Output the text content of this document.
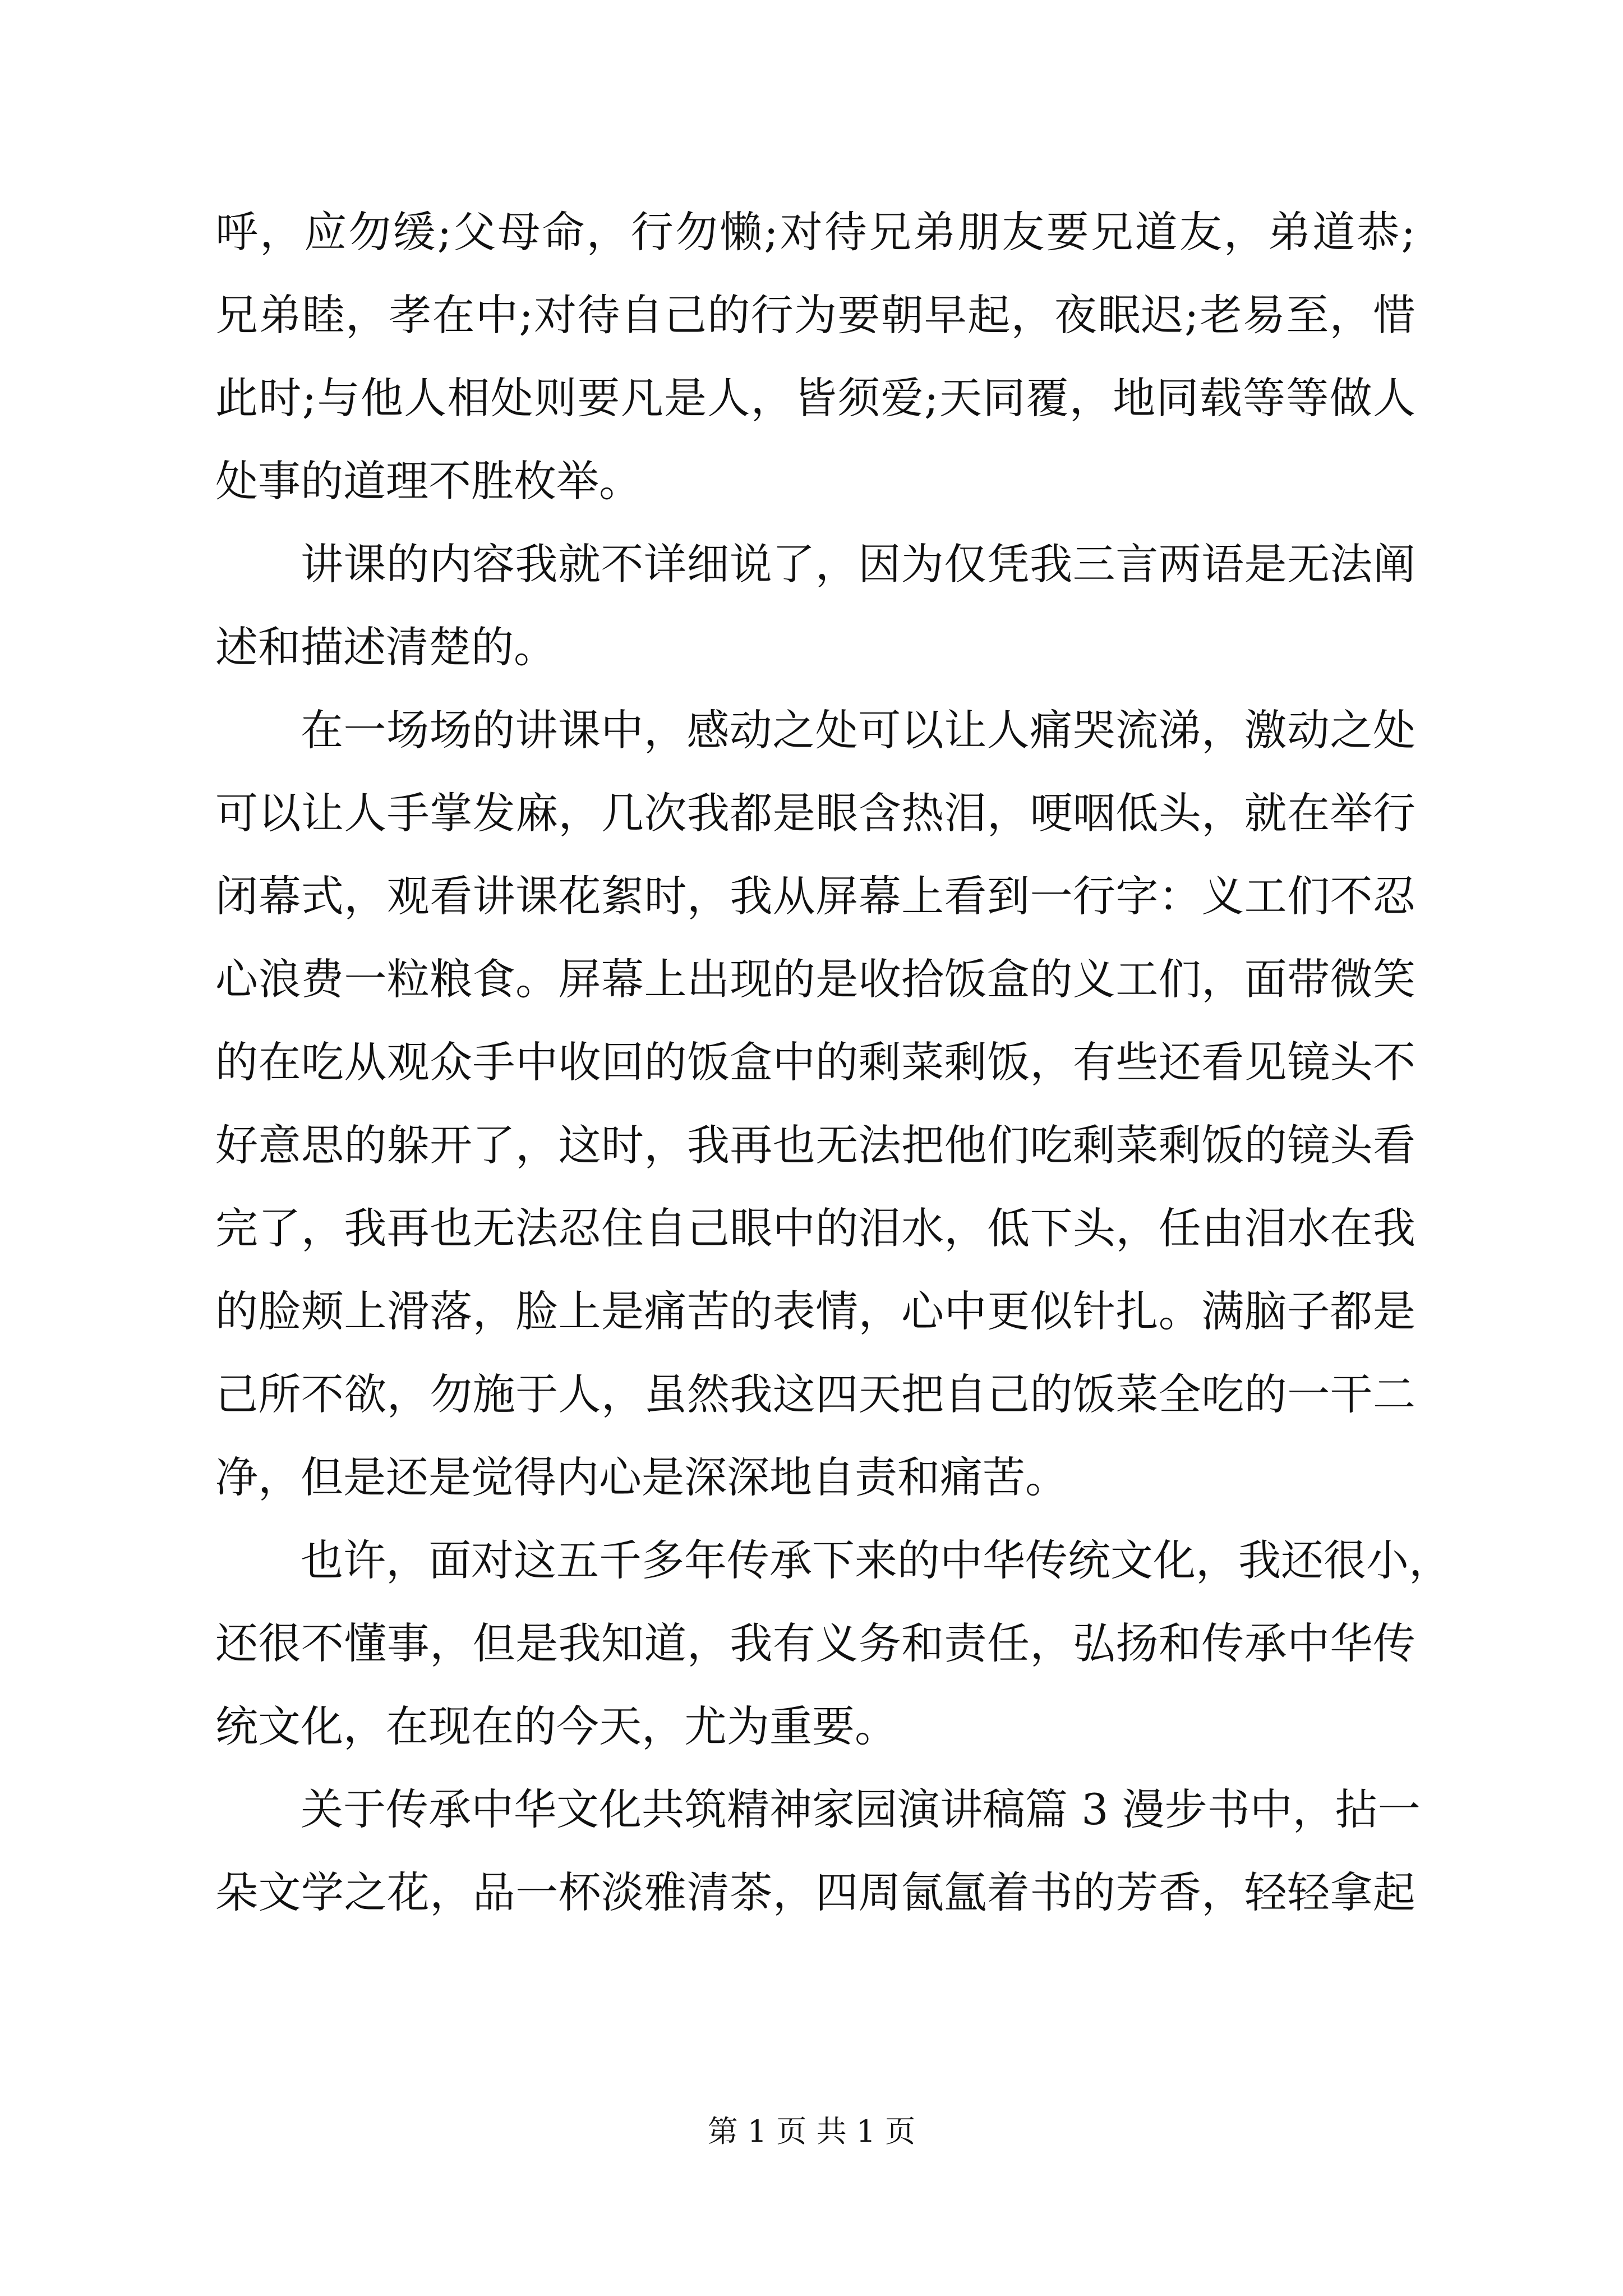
呼，应勿缓;父母命，行勿懒;对待兄弟朋友要兄道友，弟道恭;
兄弟睦，孝在中;对待自己的行为要朝早起，夜眠迟;老易至，惜
此时;与他人相处则要凡是人，皆须爱;天同覆，地同载等等做人
处事的道理不胜枚举。
讲课的内容我就不详细说了，因为仅凭我三言两语是无法阐
述和描述清楚的。
在一场场的讲课中，感动之处可以让人痛哭流涕，激动之处
可以让人手掌发麻，几次我都是眼含热泪，哽咽低头，就在举行
闭幕式，观看讲课花絮时，我从屏幕上看到一行字：义工们不忍
心浪费一粒粮食。屏幕上出现的是收拾饭盒的义工们，面带微笑
的在吃从观众手中收回的饭盒中的剩菜剩饭，有些还看见镜头不
好意思的躲开了，这时，我再也无法把他们吃剩菜剩饭的镜头看
完了，我再也无法忍住自己眼中的泪水，低下头，任由泪水在我
的脸颊上滑落，脸上是痛苦的表情，心中更似针扎。满脑子都是
己所不欲，勿施于人，虽然我这四天把自己的饭菜全吃的一干二
净，但是还是觉得内心是深深地自责和痛苦。
也许，面对这五千多年传承下来的中华传统文化，我还很小，
还很不懂事，但是我知道，我有义务和责任，弘扬和传承中华传
统文化，在现在的今天，尤为重要。
关于传承中华文化共筑精神家园演讲稿篇 3 漫步书中，拈一
朵文学之花，品一杯淡雅清茶，四周氤氲着书的芳香，轻轻拿起
第 1 页 共 1 页
